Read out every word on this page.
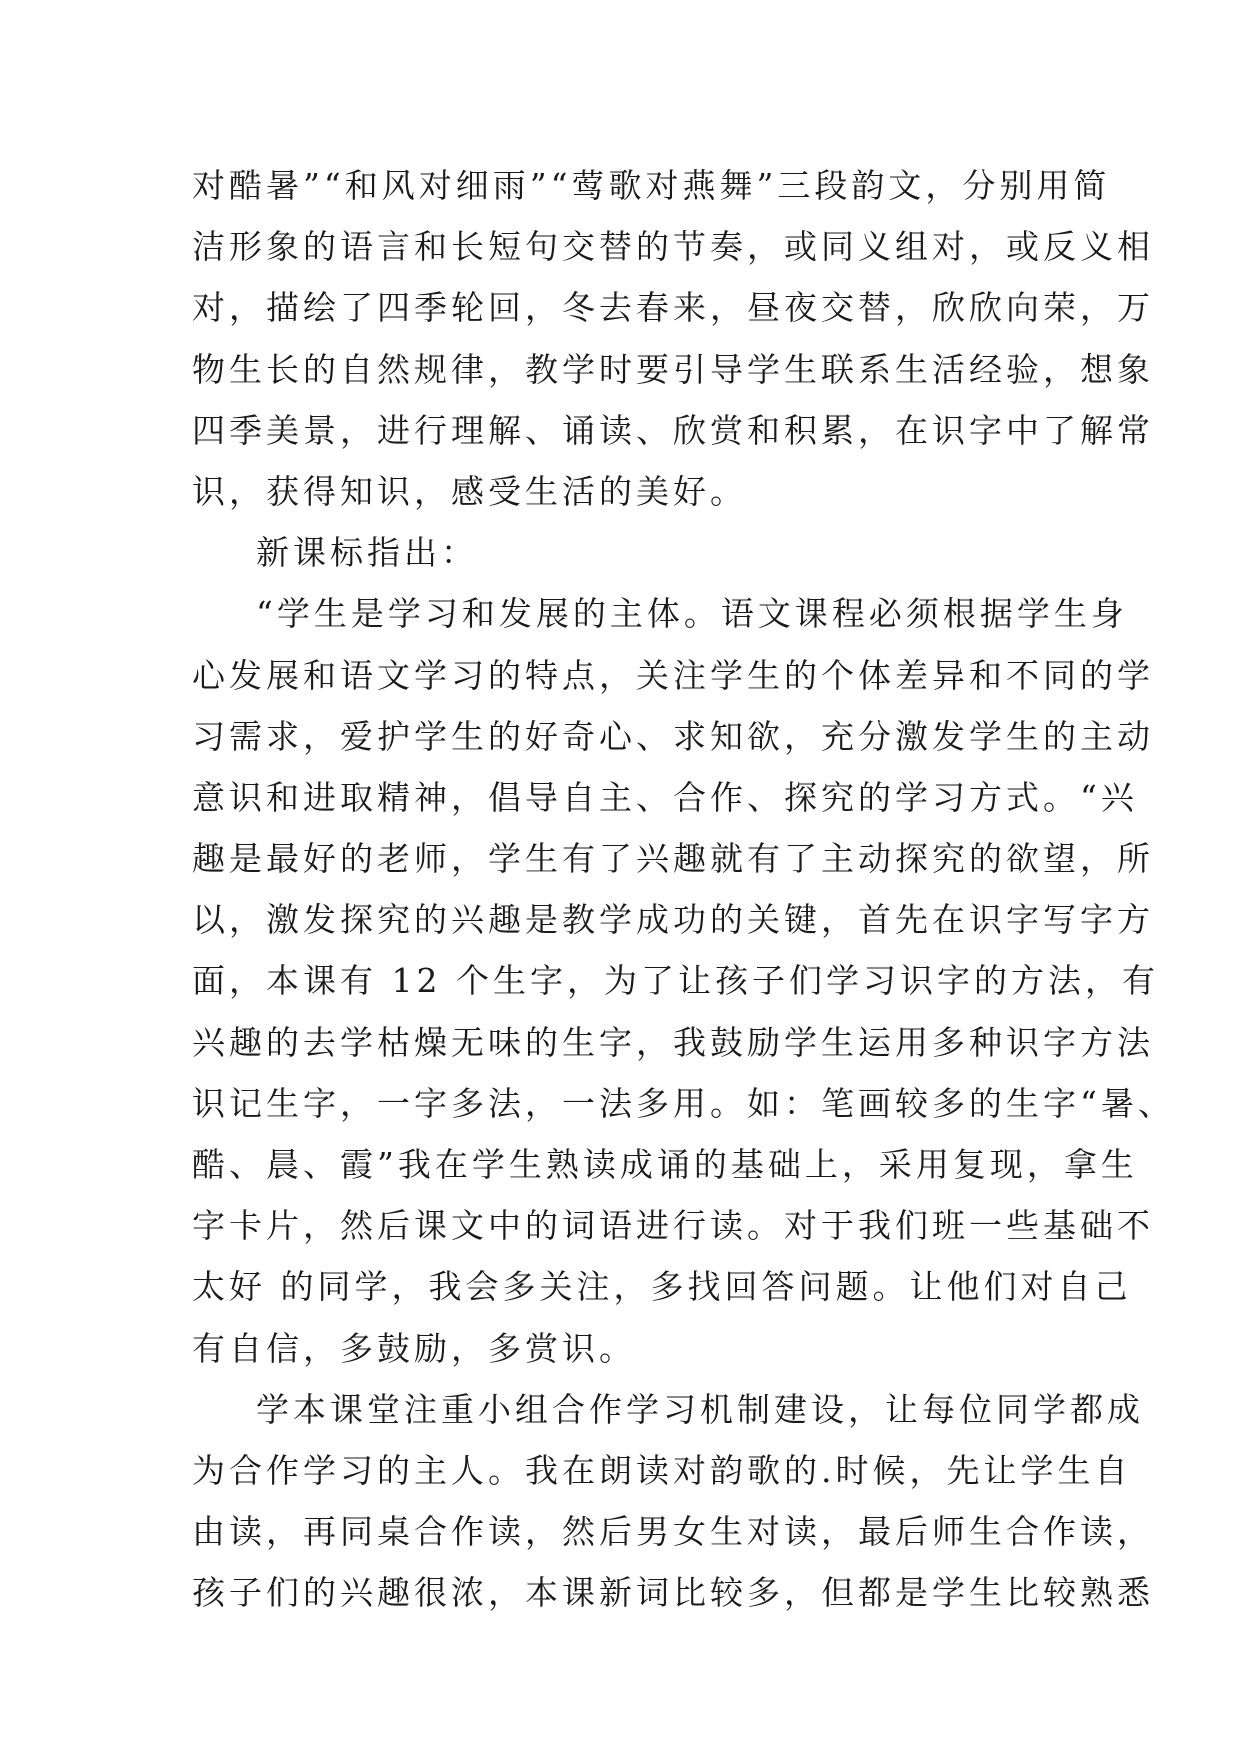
对酷暑”“和风对细雨”“莺歌对燕舞”三段韵文，分别用简
洁形象的语言和长短句交替的节奏，或同义组对，或反义相
对，描绘了四季轮回，冬去春来，昼夜交替，欣欣向荣，万
物生长的自然规律，教学时要引导学生联系生活经验，想象
四季美景，进行理解、诵读、欣赏和积累，在识字中了解常
识，获得知识，感受生活的美好。
新课标指出：
“学生是学习和发展的主体。语文课程必须根据学生身
心发展和语文学习的特点，关注学生的个体差异和不同的学
习需求，爱护学生的好奇心、求知欲，充分激发学生的主动
意识和进取精神，倡导自主、合作、探究的学习方式。“兴
趣是最好的老师，学生有了兴趣就有了主动探究的欲望，所
以，激发探究的兴趣是教学成功的关键，首先在识字写字方
面，本课有 12 个生字，为了让孩子们学习识字的方法，有
兴趣的去学枯燥无味的生字，我鼓励学生运用多种识字方法
识记生字，一字多法，一法多用。如：笔画较多的生字“暑、
酷、晨、霞”我在学生熟读成诵的基础上，采用复现，拿生
字卡片，然后课文中的词语进行读。对于我们班一些基础不
太好 的同学，我会多关注，多找回答问题。让他们对自己
有自信，多鼓励，多赏识。
学本课堂注重小组合作学习机制建设，让每位同学都成
为合作学习的主人。我在朗读对韵歌的.时候，先让学生自
由读，再同桌合作读，然后男女生对读，最后师生合作读，
孩子们的兴趣很浓，本课新词比较多，但都是学生比较熟悉
